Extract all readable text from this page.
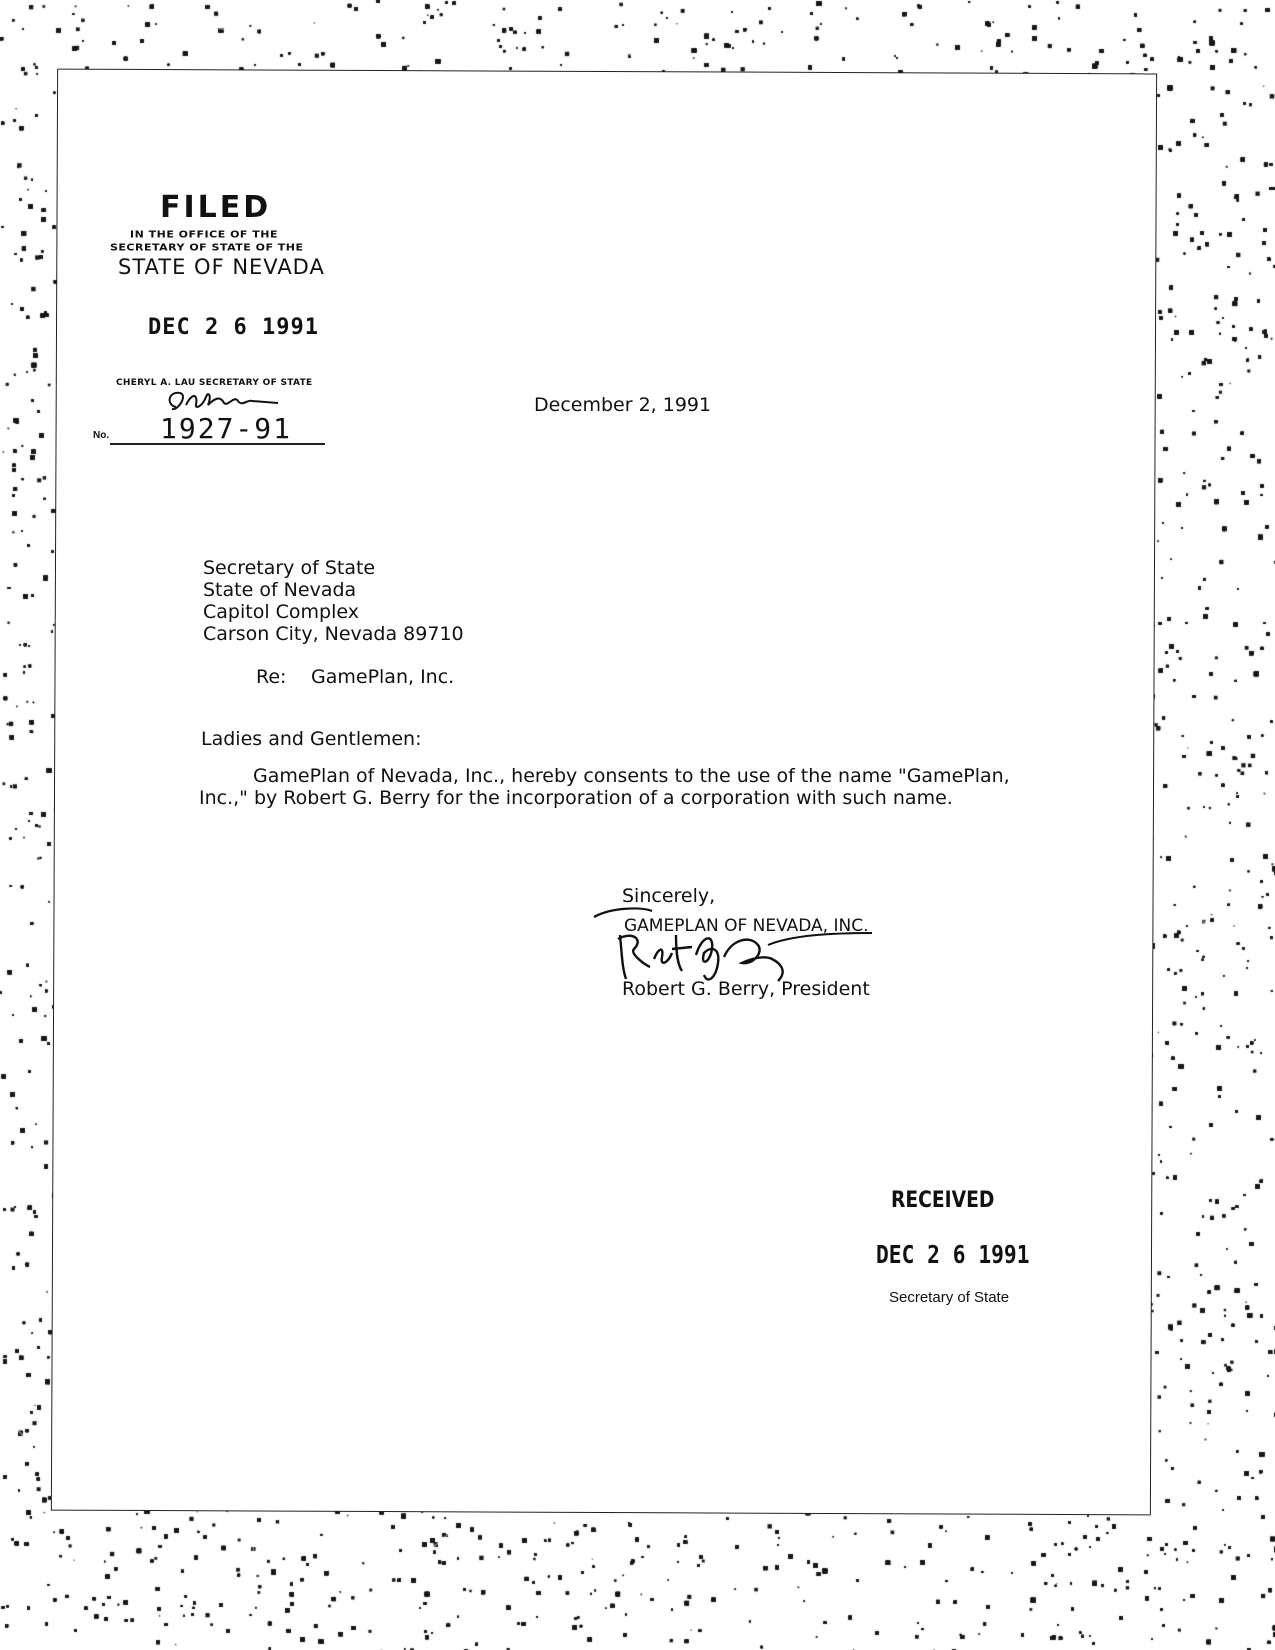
FILED
IN THE OFFICE OF THE
SECRETARY OF STATE OF THE
STATE OF NEVADA
DEC 2 6 1991
CHERYL A. LAU SECRETARY OF STATE
No. 1927-91
December 2, 1991
Secretary of State
State of Nevada
Capitol Complex
Carson City, Nevada 89710
Re: GamePlan, Inc.
Ladies and Gentlemen:
GamePlan of Nevada, Inc., hereby consents to the use of the name "GamePlan,
Inc.," by Robert G. Berry for the incorporation of a corporation with such name.
Sincerely,
GAMEPLAN OF NEVADA, INC.
Robert G. Berry, President
RECEIVED
DEC 2 6 1991
Secretary of State
